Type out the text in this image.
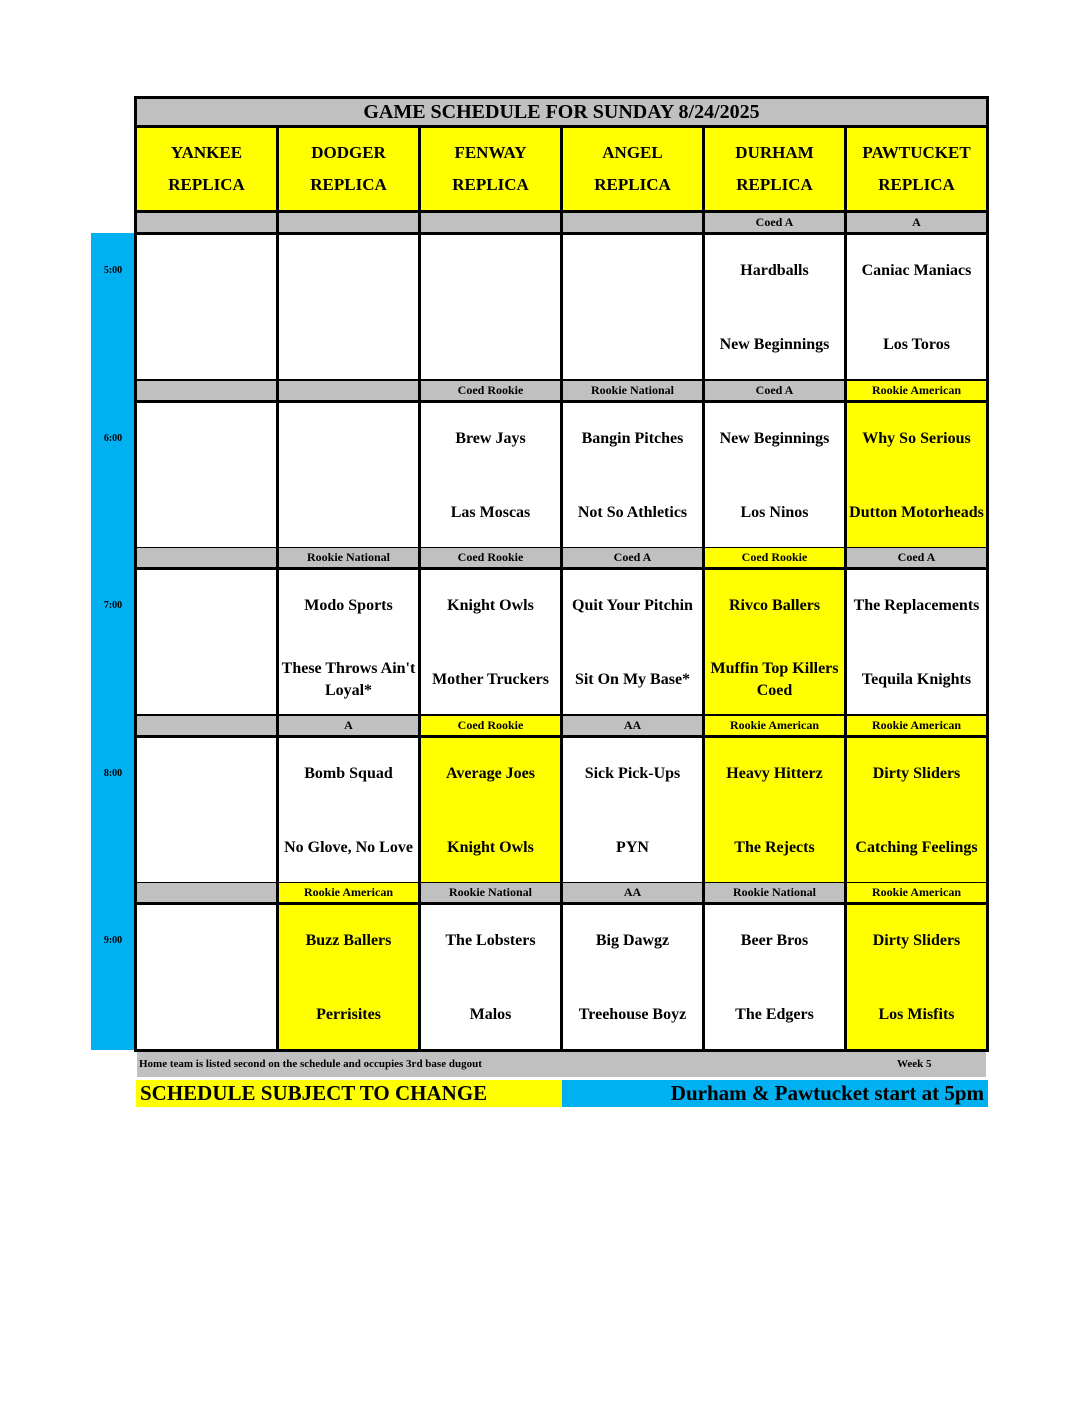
5:00
6:00
7:00
8:00
9:00
GAME SCHEDULE FOR SUNDAY 8/24/2025
YANKEE
REPLICA
DODGER
REPLICA
FENWAY
REPLICA
ANGEL
REPLICA
DURHAM
REPLICA
PAWTUCKET
REPLICA
Coed A
Hardballs
New Beginnings
A
Caniac Maniacs
Los Toros
Coed Rookie
Brew Jays
Las Moscas
Rookie National
Bangin Pitches
Not So Athletics
Coed A
New Beginnings
Los Ninos
Rookie American
Why So Serious
Dutton Motorheads
Rookie National
Modo Sports
These Throws Ain't Loyal*
Coed Rookie
Knight Owls
Mother Truckers
Coed A
Quit Your Pitchin
Sit On My Base*
Coed Rookie
Rivco Ballers
Muffin Top Killers Coed
Coed A
The Replacements
Tequila Knights
A
Bomb Squad
No Glove, No Love
Coed Rookie
Average Joes
Knight Owls
AA
Sick Pick-Ups
PYN
Rookie American
Heavy Hitterz
The Rejects
Rookie American
Dirty Sliders
Catching Feelings
Rookie American
Buzz Ballers
Perrisites
Rookie National
The Lobsters
Malos
AA
Big Dawgz
Treehouse Boyz
Rookie National
Beer Bros
The Edgers
Rookie American
Dirty Sliders
Los Misfits
Home team is listed second on the schedule and occupies 3rd base dugout	Week 5
SCHEDULE SUBJECT TO CHANGE	Durham & Pawtucket start at 5pm
